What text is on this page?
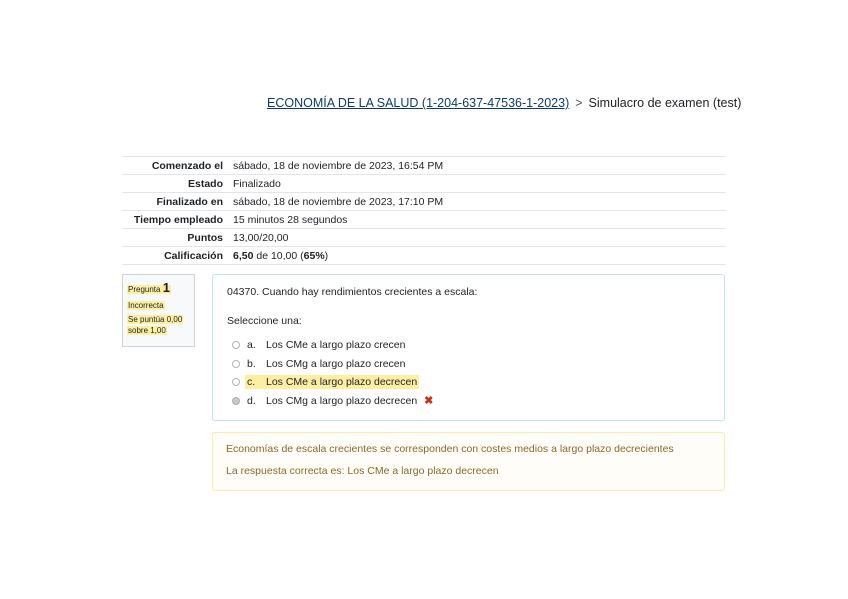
ECONOMÍA DE LA SALUD (1-204-637-47536-1-2023) > Simulacro de examen (test)
Comenzado el	sábado, 18 de noviembre de 2023, 16:54 PM
Estado	Finalizado
Finalizado en	sábado, 18 de noviembre de 2023, 17:10 PM
Tiempo empleado	15 minutos 28 segundos
Puntos	13,00/20,00
Calificación	6,50 de 10,00 (65%)
Pregunta 1
Incorrecta
Se puntúa 0,00
sobre 1,00
04370. Cuando hay rendimientos crecientes a escala:
Seleccione una:
a. Los CMe a largo plazo crecen
b. Los CMg a largo plazo crecen
c.	Los CMe a largo plazo decrecen
d. Los CMg a largo plazo decrecen ✖
Economías de escala crecientes se corresponden con costes medios a largo plazo decrecientes
La respuesta correcta es: Los CMe a largo plazo decrecen
